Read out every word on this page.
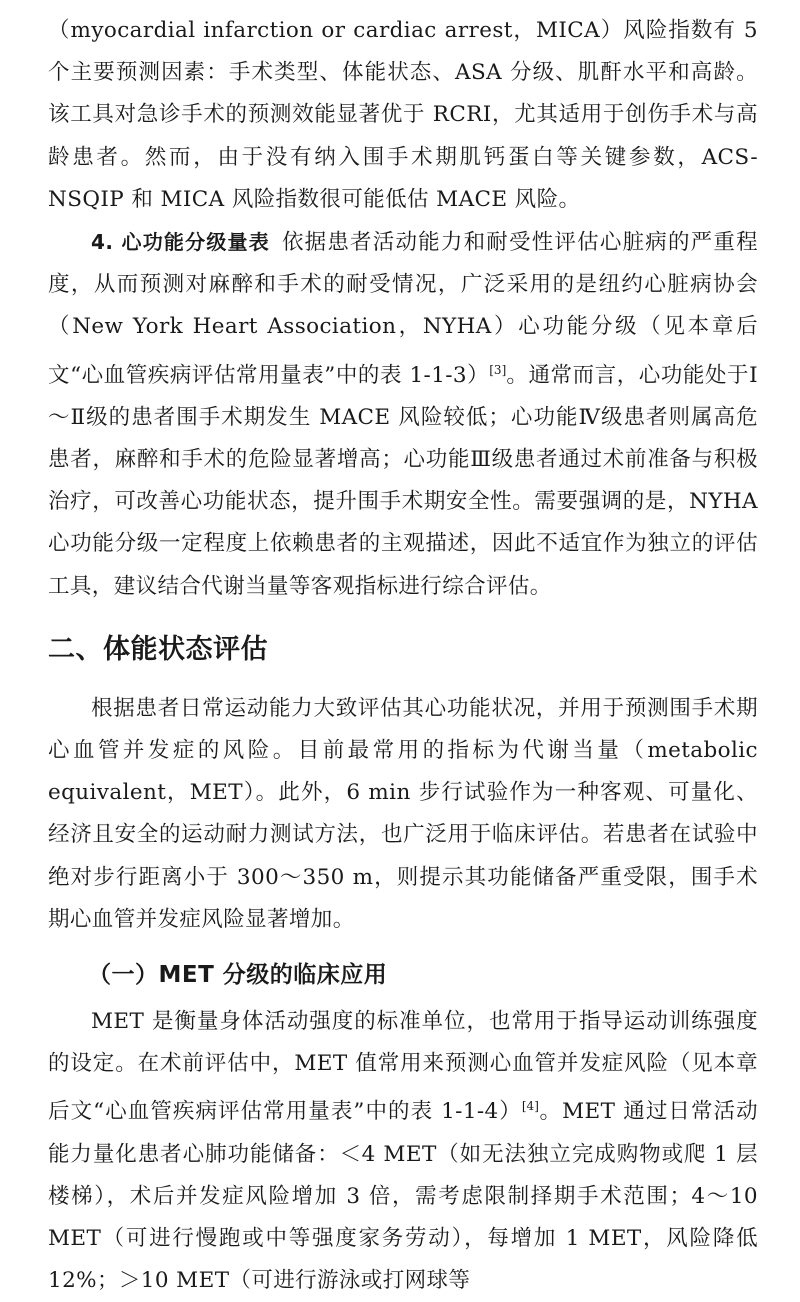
（myocardial infarction or cardiac arrest，MICA）风险指数有 5 个主要预测因素：手术类型、体能状态、ASA 分级、肌酐水平和高龄。该工具对急诊手术的预测效能显著优于 RCRI，尤其适用于创伤手术与高龄患者。然而，由于没有纳入围手术期肌钙蛋白等关键参数，ACS-NSQIP 和 MICA 风险指数很可能低估 MACE 风险。

4. 心功能分级量表 依据患者活动能力和耐受性评估心脏病的严重程度，从而预测对麻醉和手术的耐受情况，广泛采用的是纽约心脏病协会（New York Heart Association，NYHA）心功能分级（见本章后文“心血管疾病评估常用量表”中的表 1-1-3）[3]。通常而言，心功能处于Ⅰ～Ⅱ级的患者围手术期发生 MACE 风险较低；心功能Ⅳ级患者则属高危患者，麻醉和手术的危险显著增高；心功能Ⅲ级患者通过术前准备与积极治疗，可改善心功能状态，提升围手术期安全性。需要强调的是，NYHA 心功能分级一定程度上依赖患者的主观描述，因此不适宜作为独立的评估工具，建议结合代谢当量等客观指标进行综合评估。

二、体能状态评估

根据患者日常运动能力大致评估其心功能状况，并用于预测围手术期心血管并发症的风险。目前最常用的指标为代谢当量（metabolic equivalent，MET）。此外，6 min 步行试验作为一种客观、可量化、经济且安全的运动耐力测试方法，也广泛用于临床评估。若患者在试验中绝对步行距离小于 300～350 m，则提示其功能储备严重受限，围手术期心血管并发症风险显著增加。

（一）MET 分级的临床应用

MET 是衡量身体活动强度的标准单位，也常用于指导运动训练强度的设定。在术前评估中，MET 值常用来预测心血管并发症风险（见本章后文“心血管疾病评估常用量表”中的表 1-1-4）[4]。MET 通过日常活动能力量化患者心肺功能储备：＜4 MET（如无法独立完成购物或爬 1 层楼梯），术后并发症风险增加 3 倍，需考虑限制择期手术范围；4～10 MET（可进行慢跑或中等强度家务劳动），每增加 1 MET，风险降低 12%；＞10 MET（可进行游泳或打网球等
